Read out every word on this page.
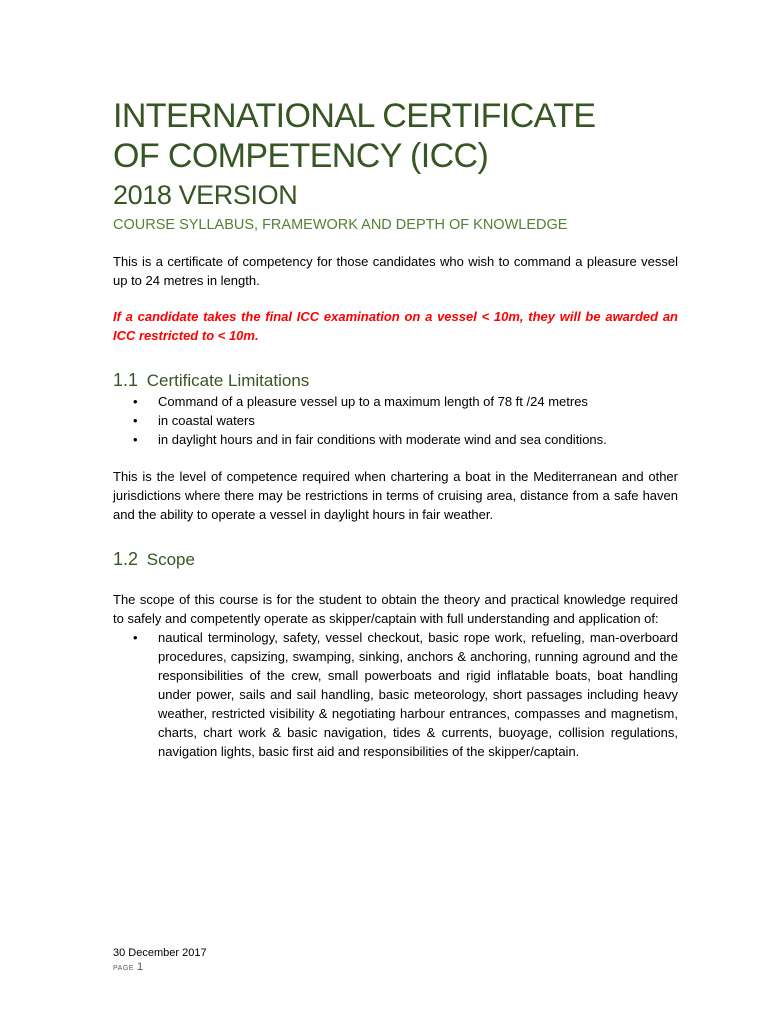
INTERNATIONAL CERTIFICATE
OF COMPETENCY (ICC)
2018 VERSION
COURSE SYLLABUS, FRAMEWORK AND DEPTH OF KNOWLEDGE

This is a certificate of competency for those candidates who wish to command a pleasure vessel up to 24 metres in length.

If a candidate takes the final ICC examination on a vessel < 10m, they will be awarded an ICC restricted to < 10m.

1.1 Certificate Limitations
• Command of a pleasure vessel up to a maximum length of 78 ft /24 metres
• in coastal waters
• in daylight hours and in fair conditions with moderate wind and sea conditions.

This is the level of competence required when chartering a boat in the Mediterranean and other jurisdictions where there may be restrictions in terms of cruising area, distance from a safe haven and the ability to operate a vessel in daylight hours in fair weather.

1.2 Scope

The scope of this course is for the student to obtain the theory and practical knowledge required to safely and competently operate as skipper/captain with full understanding and application of:

• nautical terminology, safety, vessel checkout, basic rope work, refueling, man-overboard procedures, capsizing, swamping, sinking, anchors & anchoring, running aground and the responsibilities of the crew, small powerboats and rigid inflatable boats, boat handling under power, sails and sail handling, basic meteorology, short passages including heavy weather, restricted visibility & negotiating harbour entrances, compasses and magnetism, charts, chart work & basic navigation, tides & currents, buoyage, collision regulations, navigation lights, basic first aid and responsibilities of the skipper/captain.
30 December 2017
PAGE 1
